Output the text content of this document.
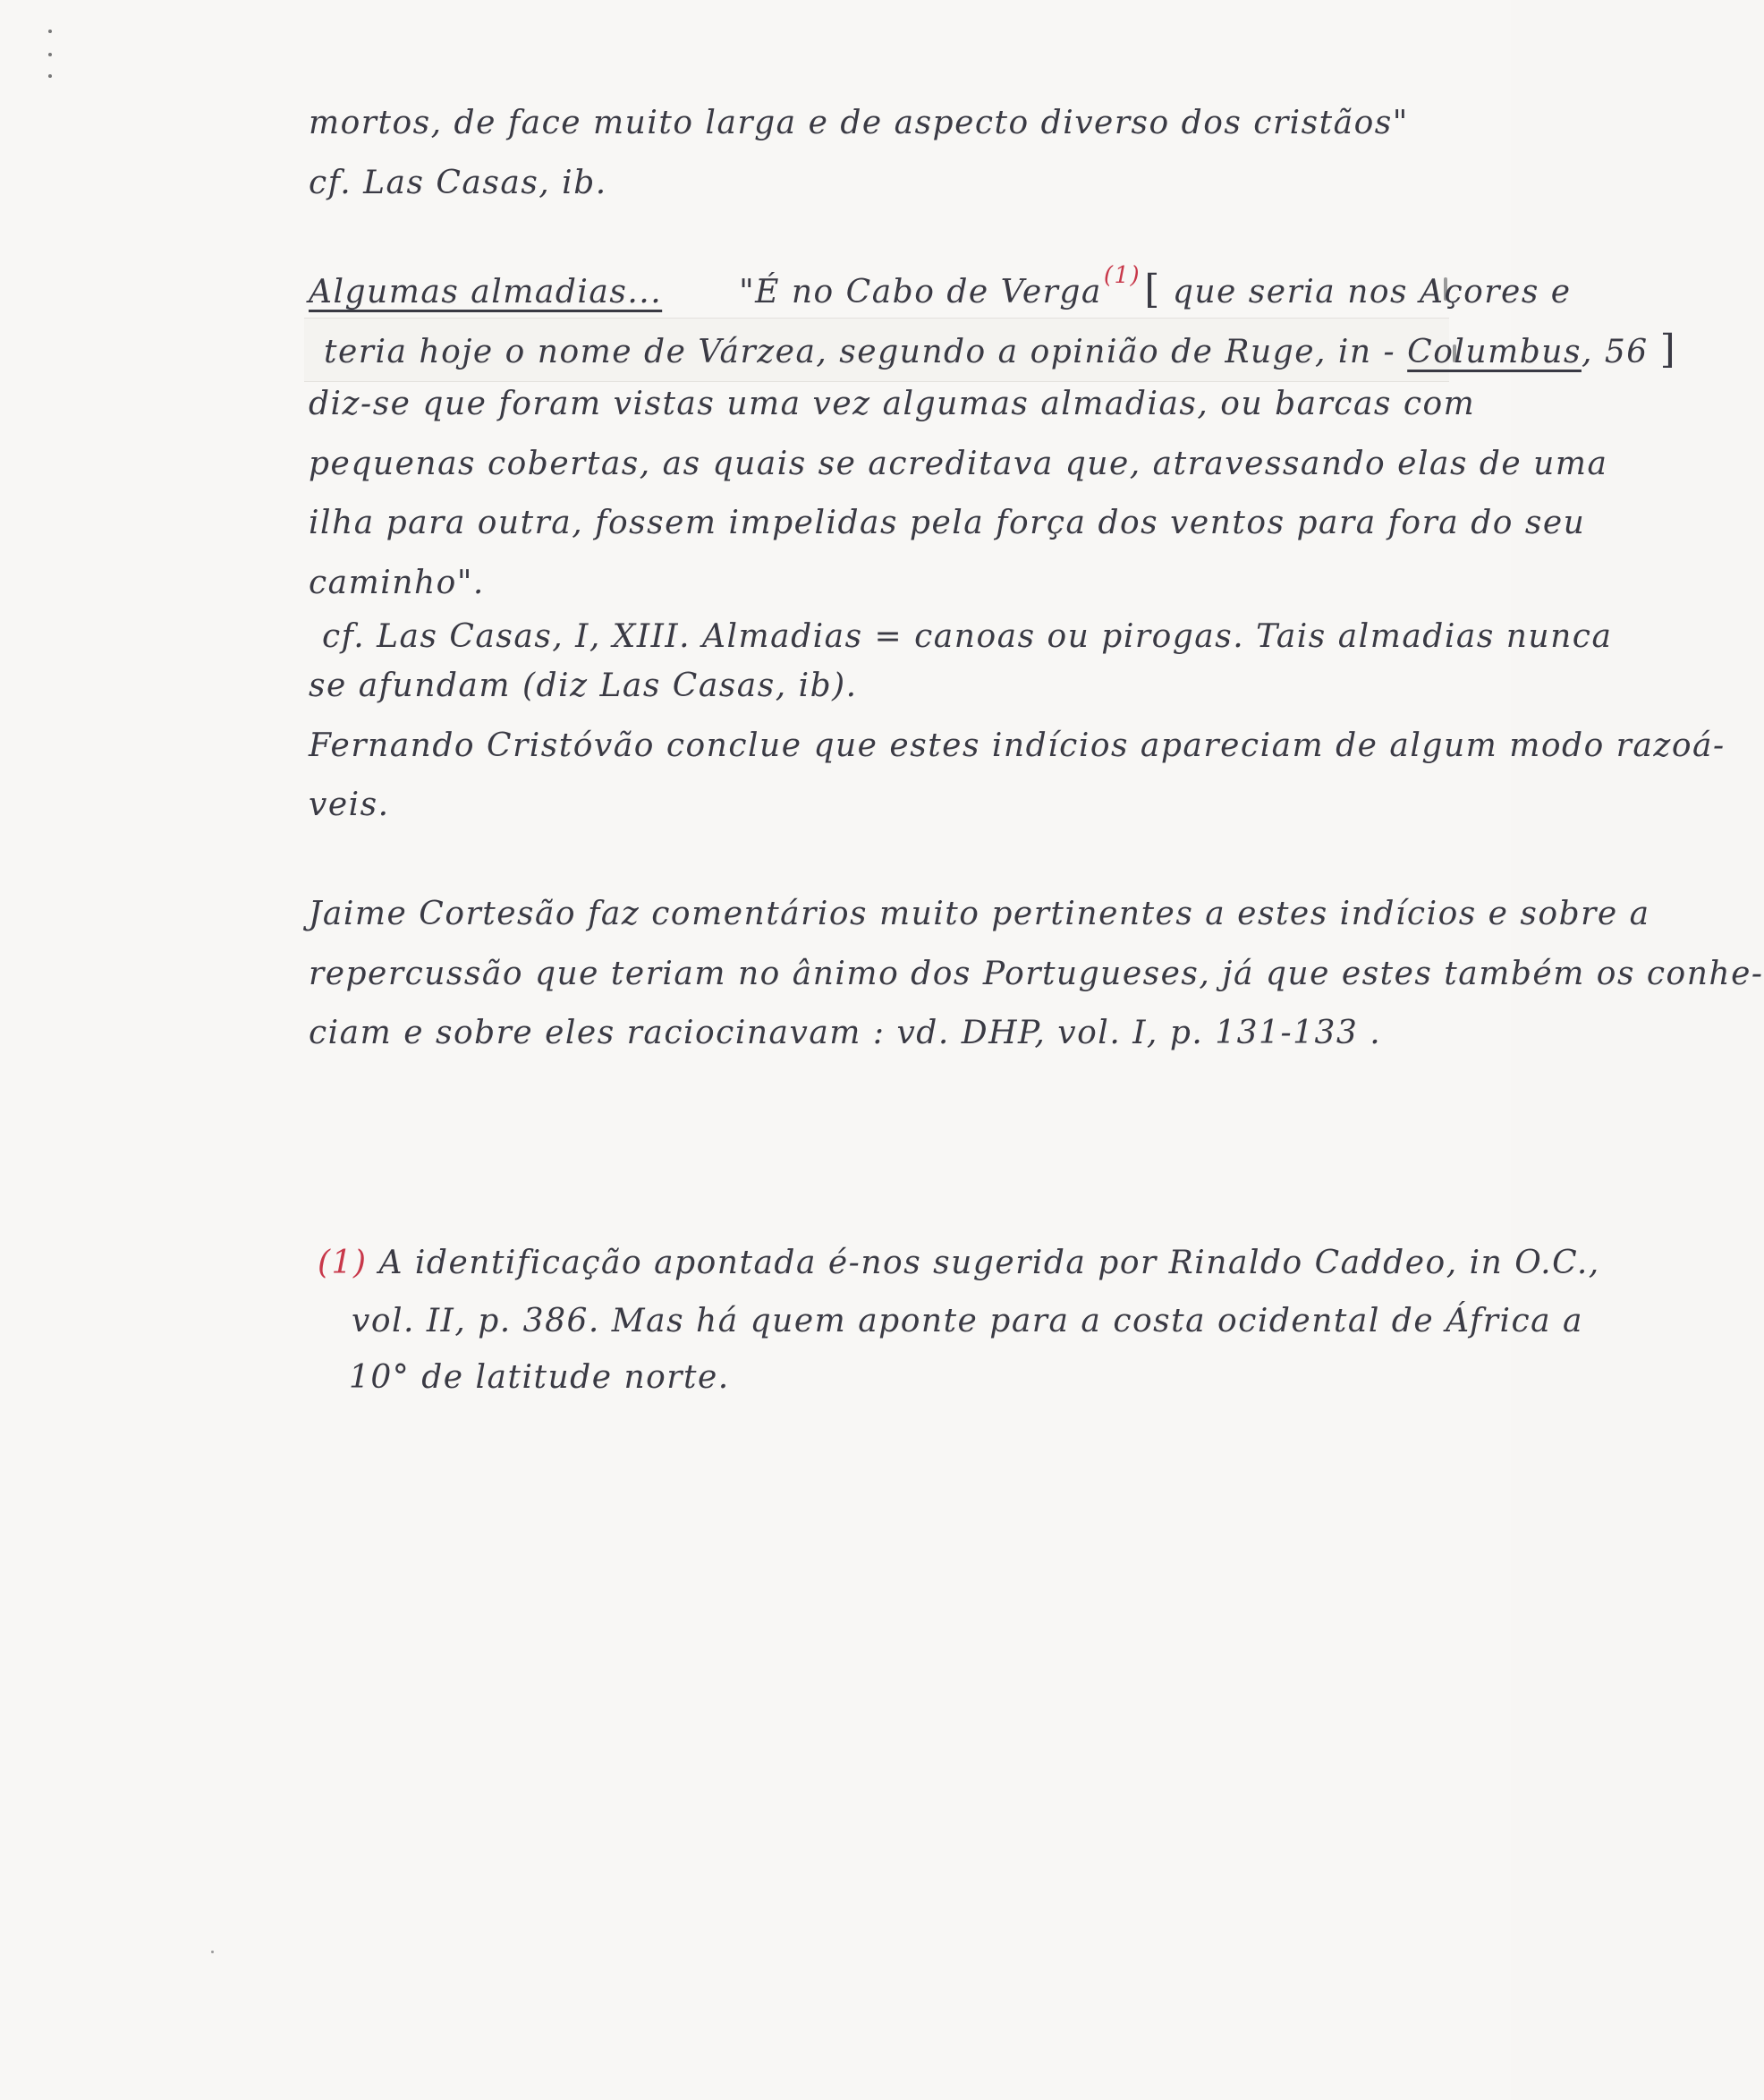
mortos, de face muito larga e de aspecto diverso dos cristãos"
cf. Las Casas, ib.
Algumas almadias... "É no Cabo de Verga$^{(1)}$[ que seria nos Açores e
teria hoje o nome de Várzea, segundo a opinião de Ruge, in - Columbus, 56 ]
diz-se que foram vistas uma vez algumas almadias, ou barcas com
pequenas cobertas, as quais se acreditava que, atravessando elas de uma
ilha para outra, fossem impelidas pela força dos ventos para fora do seu
caminho".
cf. Las Casas, I, XIII. Almadias = canoas ou pirogas. Tais almadias nunca
se afundam (diz Las Casas, ib).
Fernando Cristóvão conclue que estes indícios apareciam de algum modo razoá-
veis.
Jaime Cortesão faz comentários muito pertinentes a estes indícios e sobre a
repercussão que teriam no ânimo dos Portugueses, já que estes também os conhe-
ciam e sobre eles raciocinavam : vd. DHP, vol. I, p. 131-133 .
(1) A identificação apontada é-nos sugerida por Rinaldo Caddeo, in O.C.,
vol. II, p. 386. Mas há quem aponte para a costa ocidental de África a
10° de latitude norte.
